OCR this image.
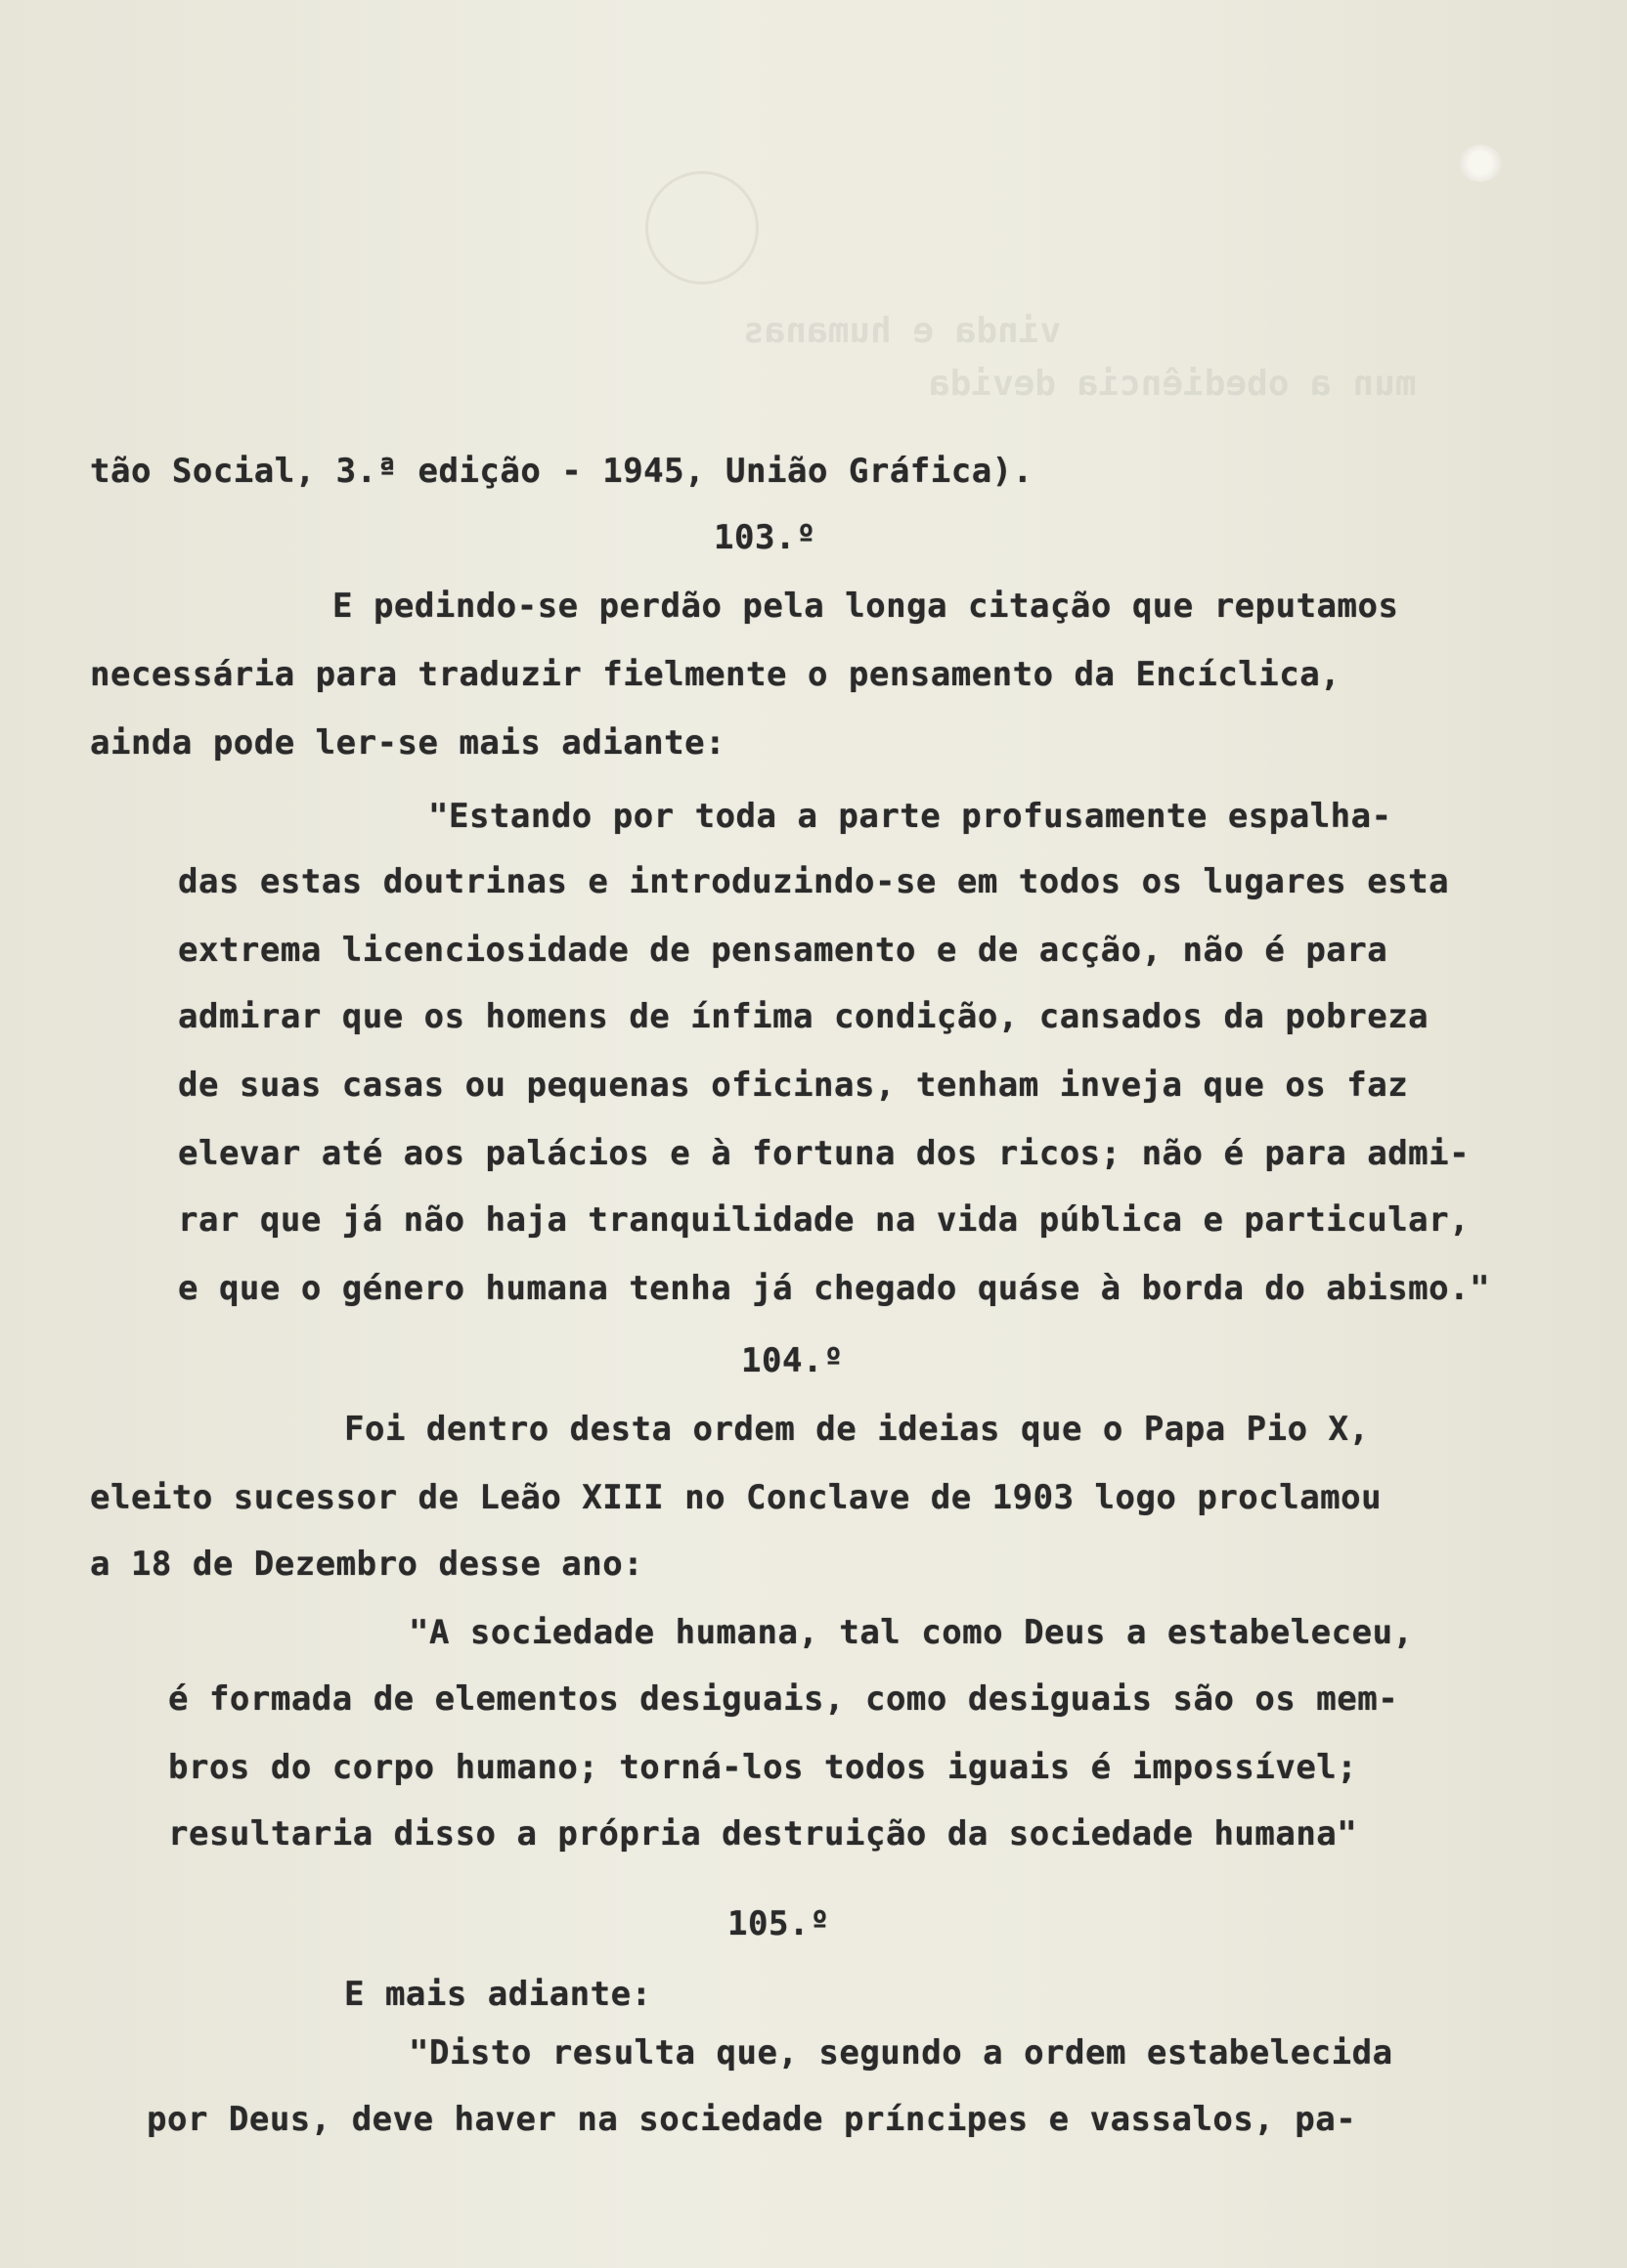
vinda e humanas
mun a obediência devida
tão Social, 3.ª edição - 1945, União Gráfica).
103.º
E pedindo-se perdão pela longa citação que reputamos
necessária para traduzir fielmente o pensamento da Encíclica,
ainda pode ler-se mais adiante:
"Estando por toda a parte profusamente espalha-
das estas doutrinas e introduzindo-se em todos os lugares esta
extrema licenciosidade de pensamento e de acção, não é para
admirar que os homens de ínfima condição, cansados da pobreza
de suas casas ou pequenas oficinas, tenham inveja que os faz
elevar até aos palácios e à fortuna dos ricos; não é para admi-
rar que já não haja tranquilidade na vida pública e particular,
e que o género humana tenha já chegado quáse à borda do abismo."
104.º
Foi dentro desta ordem de ideias que o Papa Pio X,
eleito sucessor de Leão XIII no Conclave de 1903 logo proclamou
a 18 de Dezembro desse ano:
"A sociedade humana, tal como Deus a estabeleceu,
é formada de elementos desiguais, como desiguais são os mem-
bros do corpo humano; torná-los todos iguais é impossível;
resultaria disso a própria destruição da sociedade humana"
105.º
E mais adiante:
"Disto resulta que, segundo a ordem estabelecida
por Deus, deve haver na sociedade príncipes e vassalos, pa-
